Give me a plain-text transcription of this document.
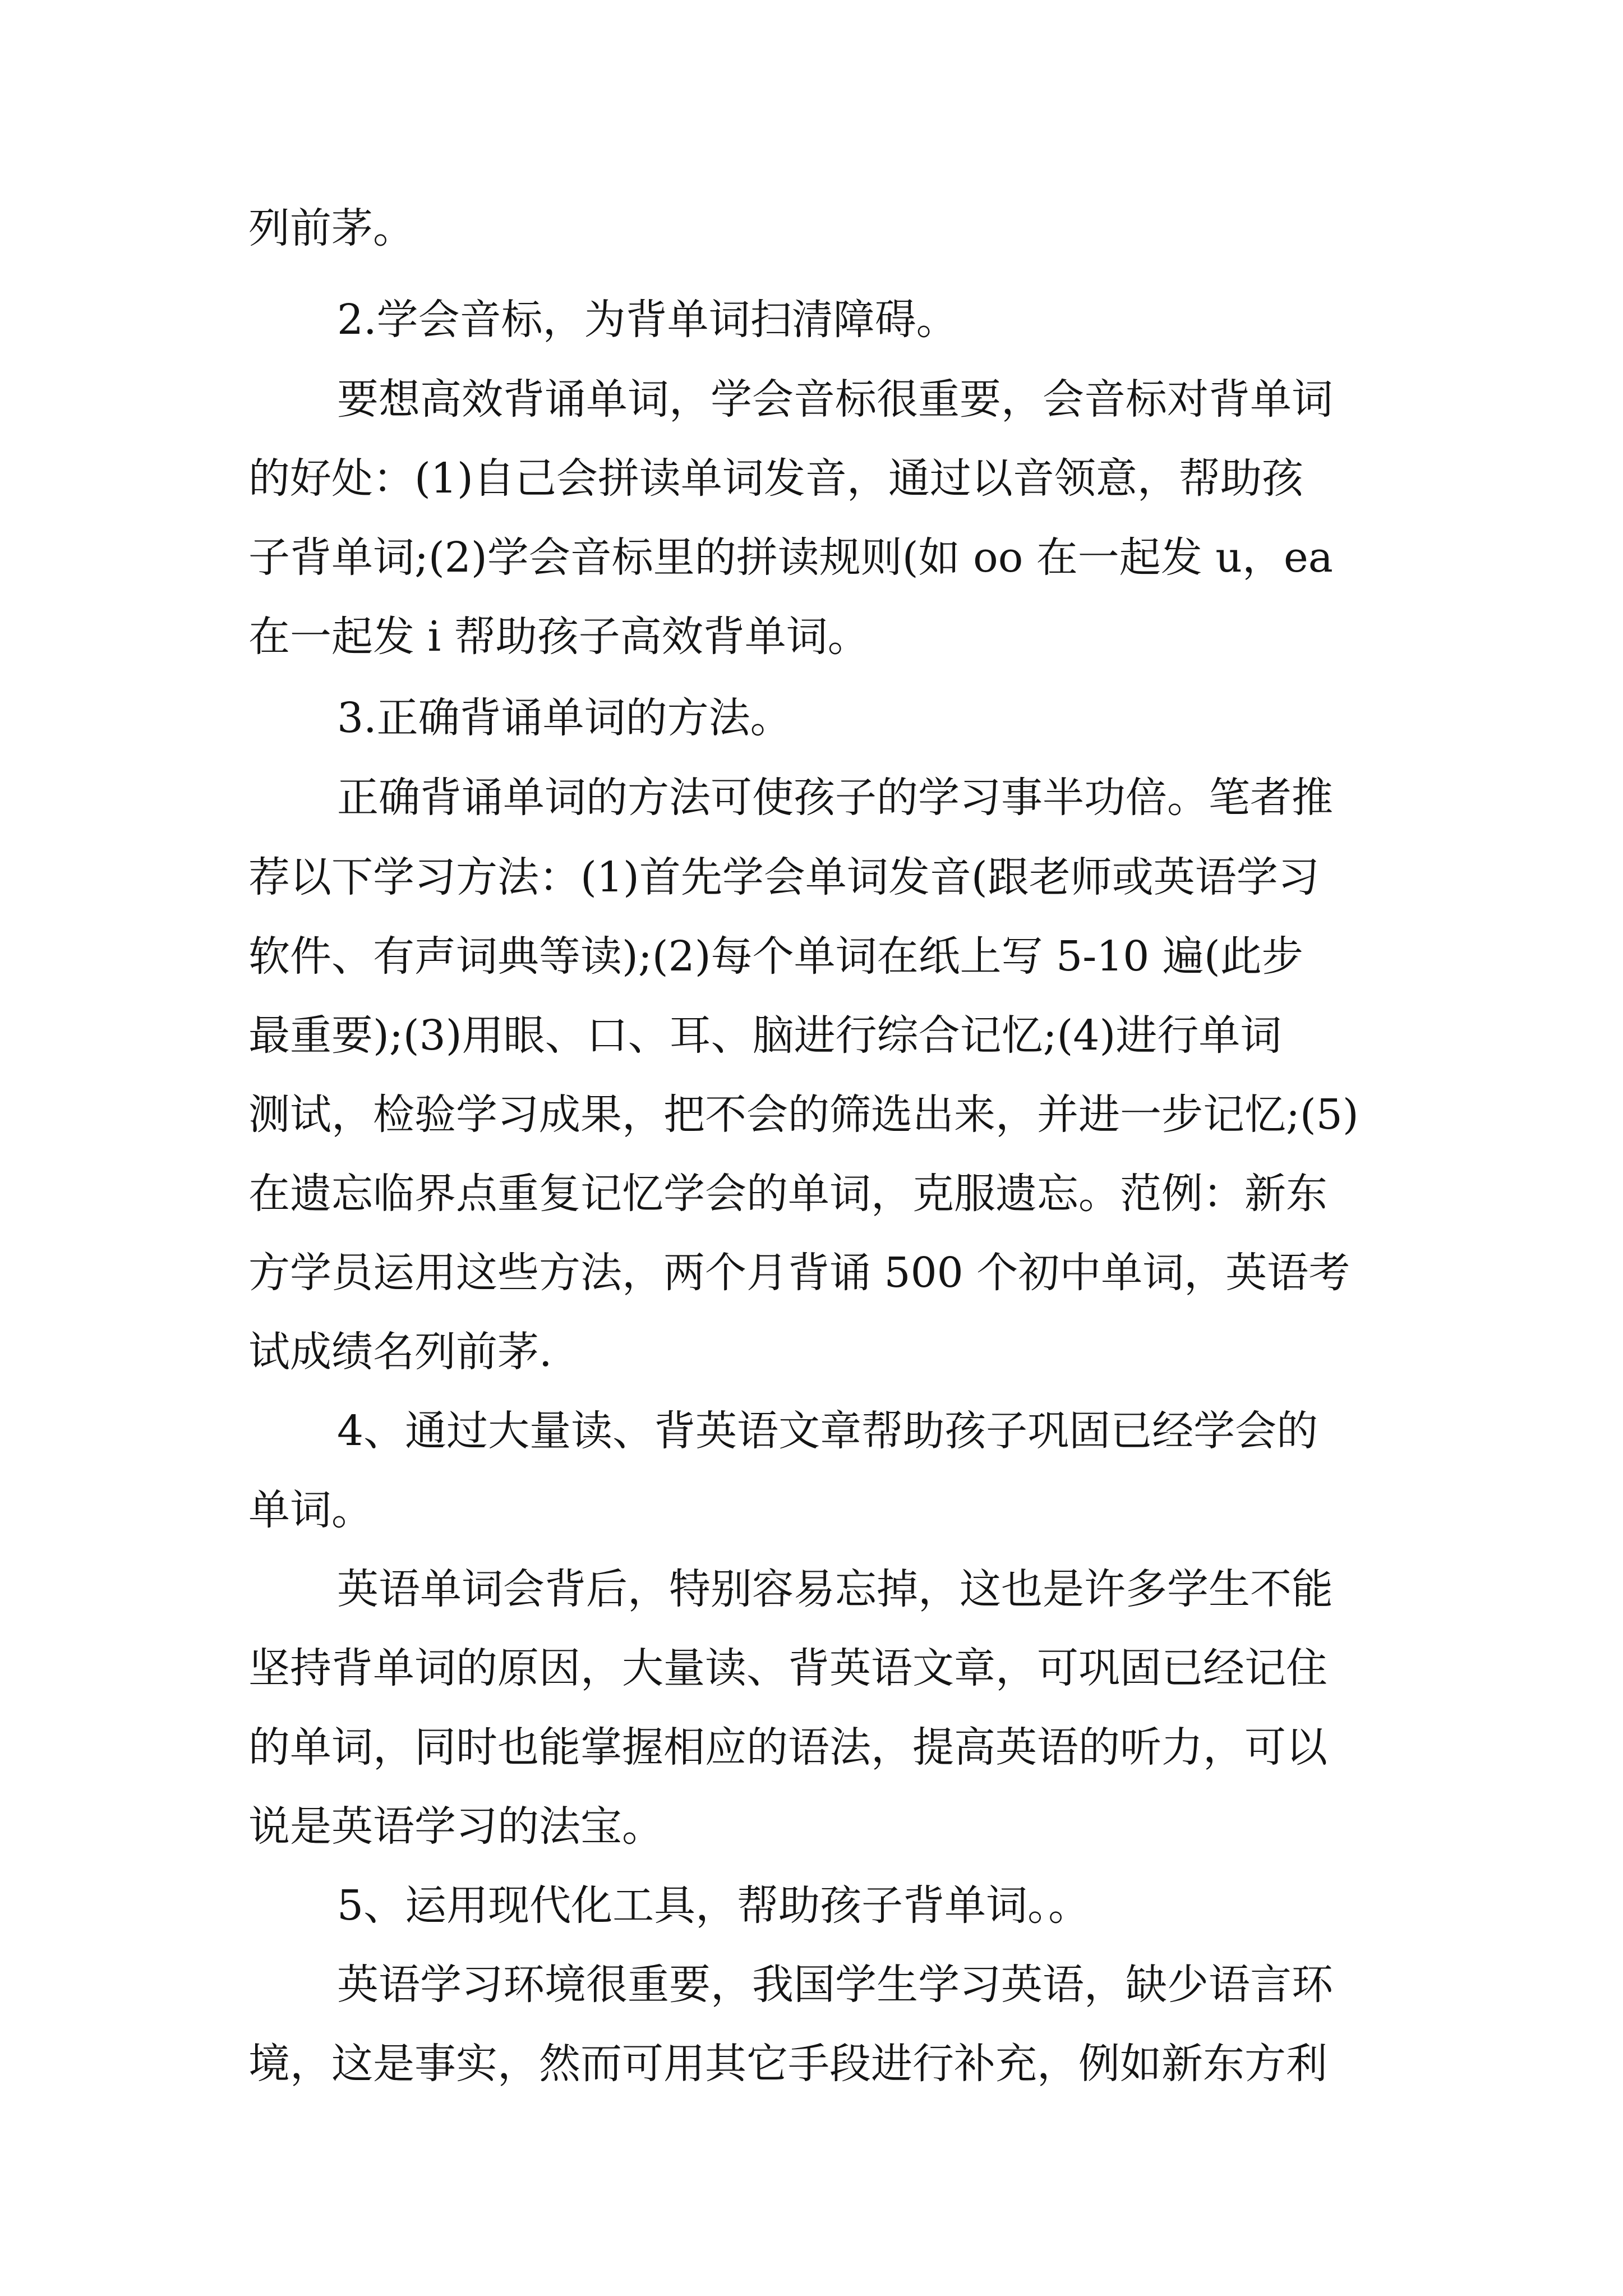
列前茅。

2.学会音标，为背单词扫清障碍。

要想高效背诵单词，学会音标很重要，会音标对背单词

的好处：(1)自己会拼读单词发音，通过以音领意，帮助孩

子背单词;(2)学会音标里的拼读规则(如 oo 在一起发 u，ea

在一起发 i 帮助孩子高效背单词。

3.正确背诵单词的方法。

正确背诵单词的方法可使孩子的学习事半功倍。笔者推

荐以下学习方法：(1)首先学会单词发音(跟老师或英语学习

软件、有声词典等读);(2)每个单词在纸上写 5-10 遍(此步

最重要);(3)用眼、口、耳、脑进行综合记忆;(4)进行单词

测试，检验学习成果，把不会的筛选出来，并进一步记忆;(5)

在遗忘临界点重复记忆学会的单词，克服遗忘。范例：新东

方学员运用这些方法，两个月背诵 500 个初中单词，英语考

试成绩名列前茅.

4、通过大量读、背英语文章帮助孩子巩固已经学会的

单词。

英语单词会背后，特别容易忘掉，这也是许多学生不能

坚持背单词的原因，大量读、背英语文章，可巩固已经记住

的单词，同时也能掌握相应的语法，提高英语的听力，可以

说是英语学习的法宝。

5、运用现代化工具，帮助孩子背单词。。

英语学习环境很重要，我国学生学习英语，缺少语言环

境，这是事实，然而可用其它手段进行补充，例如新东方利
